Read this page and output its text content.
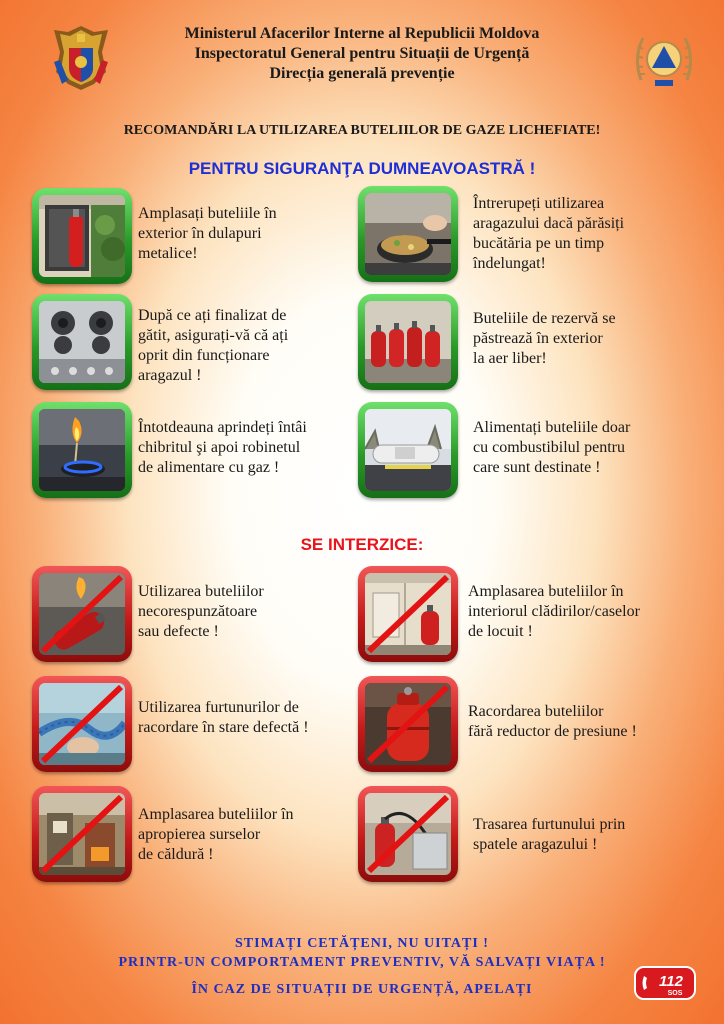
Ministerul Afacerilor Interne al Republicii Moldova
Inspectoratul General pentru Situații de Urgență
Direcția generală prevenție
RECOMANDĂRI LA UTILIZAREA BUTELIILOR DE GAZE LICHEFIATE!
PENTRU SIGURANŢA DUMNEAVOASTRĂ !
Amplasați buteliile în
exterior în dulapuri
metalice!
Întrerupeți utilizarea
aragazului dacă părăsiți
bucătăria pe un timp
îndelungat!
După ce ați finalizat de
gătit, asigurați-vă că ați
oprit din funcționare
aragazul !
Buteliile de rezervă se
păstrează în exterior
la aer liber!
Întotdeauna aprindeți întâi
chibritul şi apoi robinetul
de alimentare cu gaz !
Alimentați buteliile doar
cu combustibilul pentru
care sunt destinate !
SE INTERZICE:
Utilizarea buteliilor
necorespunzătoare
sau defecte !
Amplasarea buteliilor în
interiorul clădirilor/caselor
de locuit !
Utilizarea furtunurilor de
racordare în stare defectă !
Racordarea buteliilor
fără reductor de presiune !
Amplasarea buteliilor în
apropierea surselor
de căldură !
Trasarea furtunului prin
spatele aragazului !
STIMAȚI CETĂȚENI, NU UITAȚI !
PRINTR-UN COMPORTAMENT PREVENTIV, VĂ SALVAȚI VIAȚA !
ÎN CAZ DE SITUAȚII DE URGENȚĂ, APELAȚI	112
SOS
